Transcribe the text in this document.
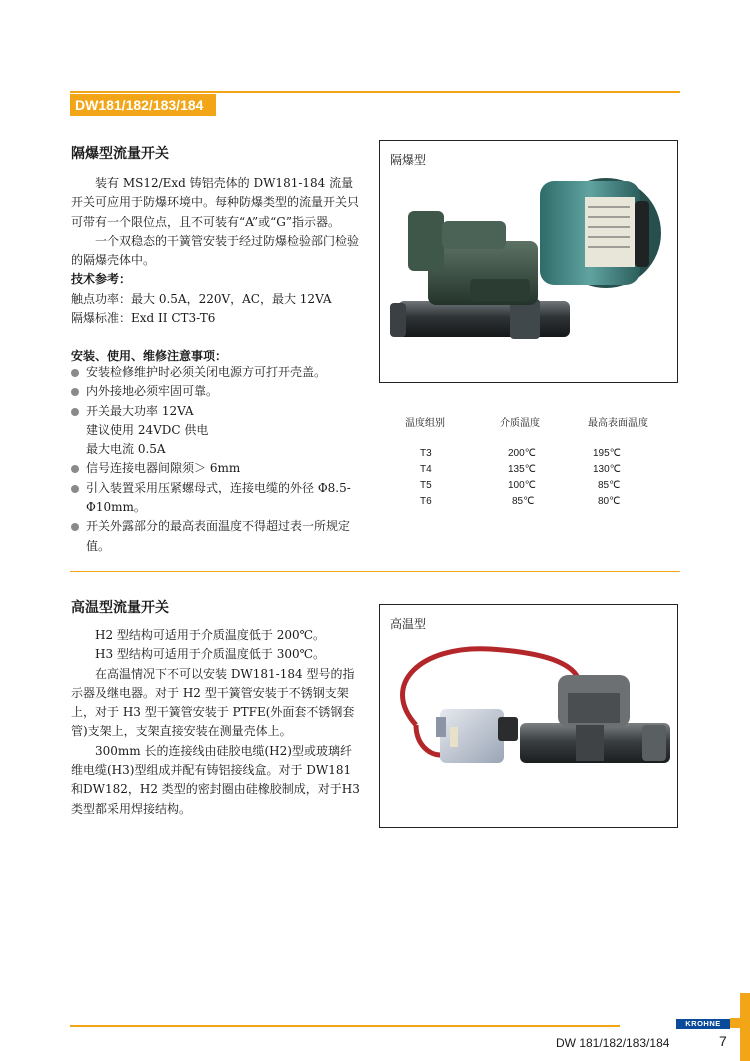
DW181/182/183/184
隔爆型流量开关

装有 MS12/Exd 铸铝壳体的 DW181-184 流量开关可应用于防爆环境中。每种防爆类型的流量开关只可带有一个限位点，且不可装有“A”或“G”指示器。

一个双稳态的干簧管安装于经过防爆检验部门检验的隔爆壳体中。

技术参考：

触点功率：最大 0.5A，220V，AC，最大 12VA

隔爆标准：Exd II CT3-T6

安装、使用、维修注意事项：
安装检修维护时必须关闭电源方可打开壳盖。
内外接地必须牢固可靠。
开关最大功率 12VA
建议使用 24VDC 供电
最大电流 0.5A
信号连接电器间隙须＞ 6mm
引入装置采用压紧螺母式，连接电缆的外径 Φ8.5-Φ10mm。
开关外露部分的最高表面温度不得超过表一所规定值。
隔爆型
温度组别	介质温度	最高表面温度
T3	200℃	195℃
T4	135℃	130℃
T5	100℃	85℃
T6	85℃	80℃
高温型流量开关

H2 型结构可适用于介质温度低于 200℃。

H3 型结构可适用于介质温度低于 300℃。

在高温情况下不可以安装 DW181-184 型号的指示器及继电器。对于 H2 型干簧管安装于不锈钢支架上，对于 H3 型干簧管安装于 PTFE(外面套不锈钢套管)支架上，支架直接安装在测量壳体上。

300mm 长的连接线由硅胶电缆(H2)型或玻璃纤维电缆(H3)型组成并配有铸铝接线盒。对于 DW181 和DW182，H2 类型的密封圈由硅橡胶制成，对于H3 类型都采用焊接结构。

高温型
KROHNE
DW 181/182/183/184	7
